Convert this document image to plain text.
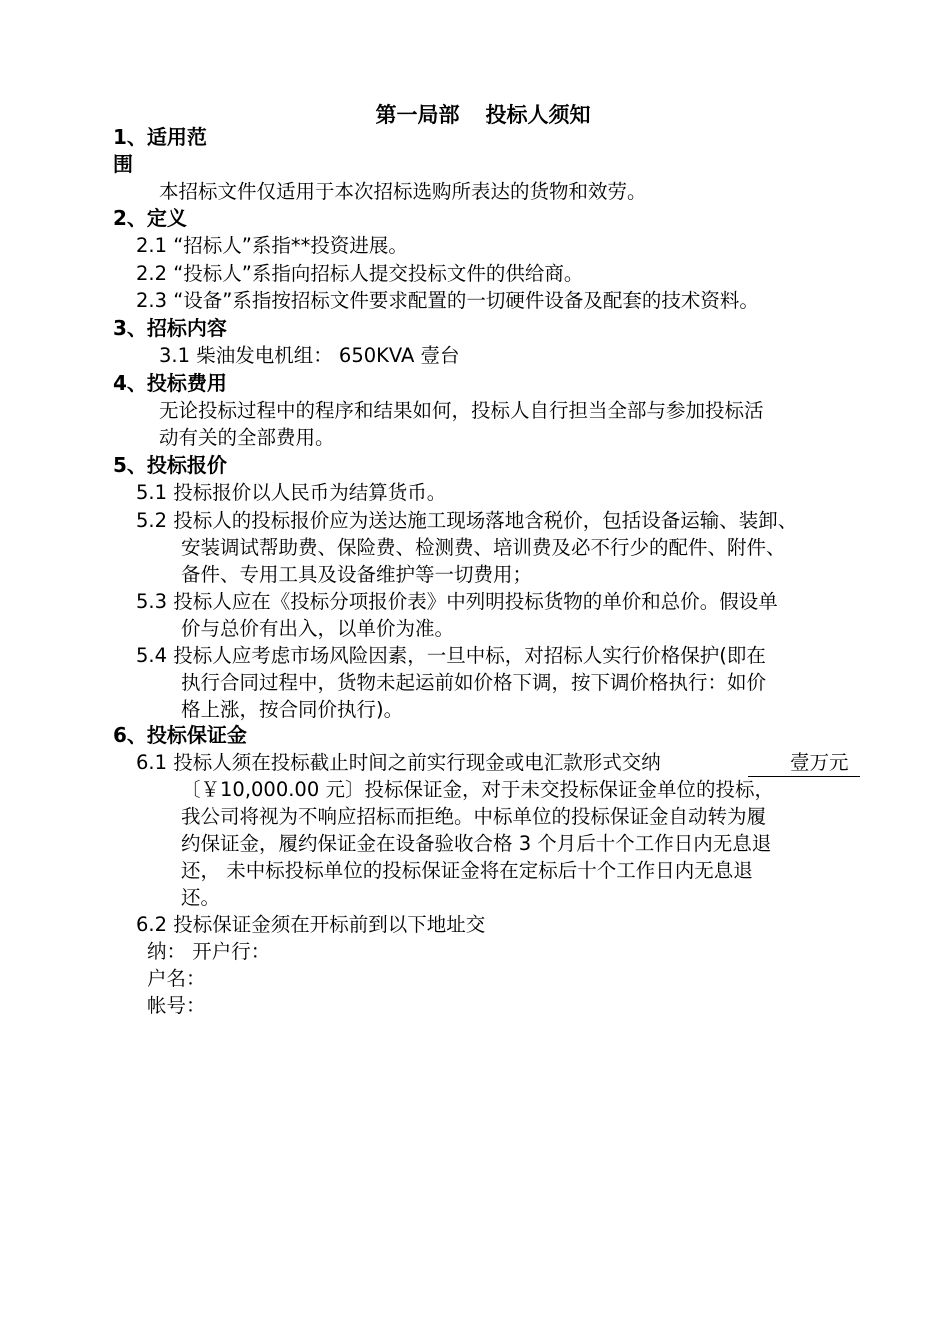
第一局部 投标人须知
1、适用范
围
本招标文件仅适用于本次招标选购所表达的货物和效劳。
2、定义
2.1 “招标人”系指**投资进展。
2.2 “投标人”系指向招标人提交投标文件的供给商。
2.3 “设备”系指按招标文件要求配置的一切硬件设备及配套的技术资料。
3、招标内容
3.1 柴油发电机组： 650KVA 壹台
4、投标费用
无论投标过程中的程序和结果如何，投标人自行担当全部与参加投标活
动有关的全部费用。
5、投标报价
5.1 投标报价以人民币为结算货币。
5.2 投标人的投标报价应为送达施工现场落地含税价，包括设备运输、装卸、
安装调试帮助费、保险费、检测费、培训费及必不行少的配件、附件、
备件、专用工具及设备维护等一切费用；
5.3 投标人应在《投标分项报价表》中列明投标货物的单价和总价。假设单
价与总价有出入，以单价为准。
5.4 投标人应考虑市场风险因素，一旦中标，对招标人实行价格保护(即在
执行合同过程中，货物未起运前如价格下调，按下调价格执行：如价
格上涨，按合同价执行)。
6、投标保证金
6.1 投标人须在投标截止时间之前实行现金或电汇款形式交纳	壹万元
〔￥10,000.00 元〕投标保证金，对于未交投标保证金单位的投标，
我公司将视为不响应招标而拒绝。中标单位的投标保证金自动转为履
约保证金，履约保证金在设备验收合格 3 个月后十个工作日内无息退
还， 未中标投标单位的投标保证金将在定标后十个工作日内无息退
还。
6.2 投标保证金须在开标前到以下地址交
纳： 开户行：
户名：
帐号：
